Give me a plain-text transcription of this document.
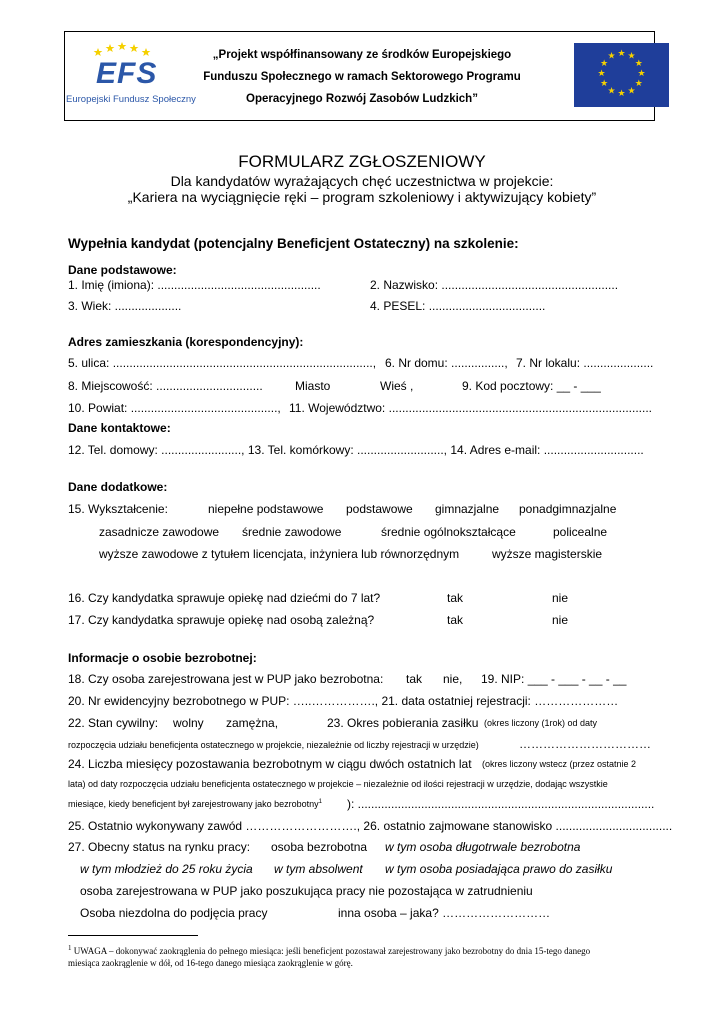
EFS
Europejski Fundusz Społeczny
„Projekt współfinansowany ze środków Europejskiego
Funduszu Społecznego w ramach Sektorowego Programu
Operacyjnego Rozwój Zasobów Ludzkich”
★ ★
★
★
★
★
★
★
★
★
★
★
FORMULARZ ZGŁOSZENIOWY
Dla kandydatów wyrażających chęć uczestnictwa w projekcie:
„Kariera na wyciągnięcie ręki – program szkoleniowy i aktywizujący kobiety”
Wypełnia kandydat (potencjalny Beneficjent Ostateczny) na szkolenie:
Dane podstawowe:
1. Imię (imiona): .................................................	2. Nazwisko: .....................................................
3. Wiek: ....................	4. PESEL: ...................................
Adres zamieszkania (korespondencyjny):
5. ulica: .............................................................................., 6. Nr domu: ................, 7. Nr lokalu: .....................
8. Miejscowość: ................................	Miasto	Wieś ,	9. Kod pocztowy: __ - ___
10. Powiat: ............................................, 11. Województwo: ...............................................................................
Dane kontaktowe:
12. Tel. domowy: ........................, 13. Tel. komórkowy: .........................., 14. Adres e-mail: ..............................
Dane dodatkowe:
15. Wykształcenie:	niepełne podstawowe podstawowe gimnazjalne ponadgimnazjalne
zasadnicze zawodowe średnie zawodowe	średnie ogólnokształcące	policealne
wyższe zawodowe z tytułem licencjata, inżyniera lub równorzędnym	wyższe magisterskie
16. Czy kandydatka sprawuje opiekę nad dziećmi do 7 lat?	tak	nie
17. Czy kandydatka sprawuje opiekę nad osobą zależną?	tak	nie
Informacje o osobie bezrobotnej:
18. Czy osoba zarejestrowana jest w PUP jako bezrobotna: tak nie, 19. NIP: ___ - ___ - __ - __
20. Nr ewidencyjny bezrobotnego w PUP: …..……………., 21. data ostatniej rejestracji: …………………
22. Stan cywilny: wolny zamężna,	23. Okres pobierania zasiłku (okres liczony (1rok) od daty
rozpoczęcia udziału beneficjenta ostatecznego w projekcie, niezależnie od liczby rejestracji w urzędzie)	……………………………
24. Liczba miesięcy pozostawania bezrobotnym w ciągu dwóch ostatnich lat (okres liczony wstecz (przez ostatnie 2
lata) od daty rozpoczęcia udziału beneficjenta ostatecznego w projekcie – niezależnie od ilości rejestracji w urzędzie, dodając wszystkie
miesiące, kiedy beneficjent był zarejestrowany jako bezrobotny$^1$ ): .........................................................................................
25. Ostatnio wykonywany zawód ………………………., 26. ostatnio zajmowane stanowisko ...................................
27. Obecny status na rynku pracy: osoba bezrobotna w tym osoba długotrwale bezrobotna
w tym młodzież do 25 roku życia w tym absolwent w tym osoba posiadająca prawo do zasiłku
osoba zarejestrowana w PUP jako poszukująca pracy nie pozostająca w zatrudnieniu
Osoba niezdolna do podjęcia pracy	inna osoba – jaka? ………………………
$^1$ UWAGA – dokonywać zaokrąglenia do pełnego miesiąca: jeśli beneficjent pozostawał zarejestrowany jako bezrobotny do dnia 15-tego danego
miesiąca zaokrąglenie w dół, od 16-tego danego miesiąca zaokrąglenie w górę.
